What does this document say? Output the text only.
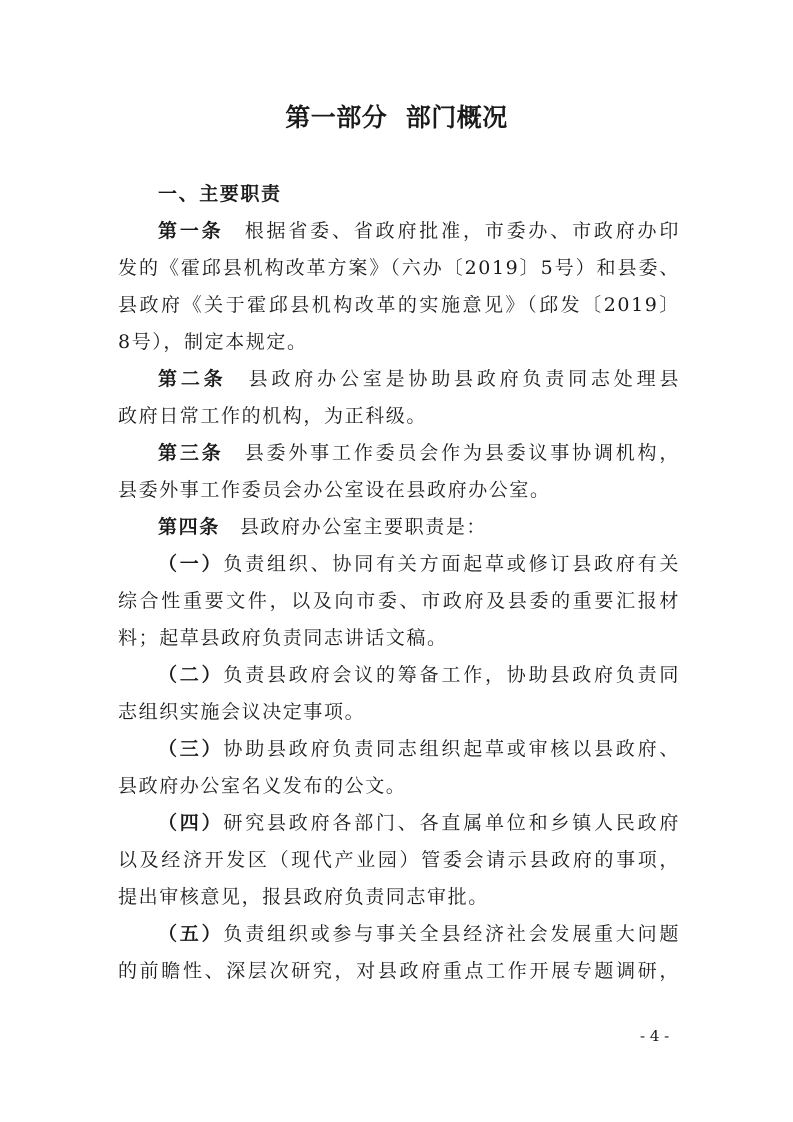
第一部分  部门概况
一、主要职责
第一条 根据省委、省政府批准，市委办、市政府办印
发的《霍邱县机构改革方案》（六办〔2019〕5号）和县委、
县政府《关于霍邱县机构改革的实施意见》（邱发〔2019〕
8号），制定本规定。
第二条 县政府办公室是协助县政府负责同志处理县
政府日常工作的机构，为正科级。
第三条 县委外事工作委员会作为县委议事协调机构，
县委外事工作委员会办公室设在县政府办公室。
第四条 县政府办公室主要职责是：
（一）负责组织、协同有关方面起草或修订县政府有关
综合性重要文件，以及向市委、市政府及县委的重要汇报材
料；起草县政府负责同志讲话文稿。
（二）负责县政府会议的筹备工作，协助县政府负责同
志组织实施会议决定事项。
（三）协助县政府负责同志组织起草或审核以县政府、
县政府办公室名义发布的公文。
（四）研究县政府各部门、各直属单位和乡镇人民政府
以及经济开发区（现代产业园）管委会请示县政府的事项，
提出审核意见，报县政府负责同志审批。
（五）负责组织或参与事关全县经济社会发展重大问题
的前瞻性、深层次研究，对县政府重点工作开展专题调研，
- 4 -
